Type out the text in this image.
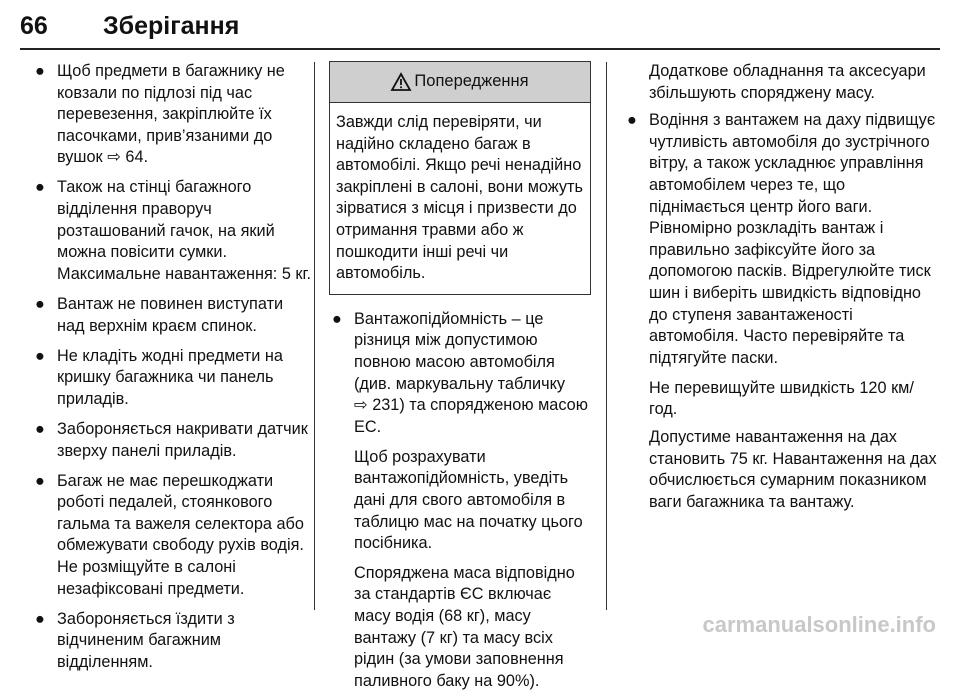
66 Зберігання
● Щоб предмети в багажнику не ковзали по підлозі під час перевезення, закріплюйте їх пасочками, прив’язаними до вушок ⇨ 64.
● Також на стінці багажного відділення праворуч розташований гачок, на який можна повісити сумки. Максимальне навантаження: 5 кг.
● Вантаж не повинен виступати над верхнім краєм спинок.
● Не кладіть жодні предмети на кришку багажника чи панель приладів.
● Забороняється накривати датчик зверху панелі приладів.
● Багаж не має перешкоджати роботі педалей, стоянкового гальма та важеля селектора або обмежувати свободу рухів водія. Не розміщуйте в салоні незафіксовані предмети.
● Забороняється їздити з відчиненим багажним відділенням.
Попередження
Завжди слід перевіряти, чи надійно складено багаж в автомобілі. Якщо речі ненадійно закріплені в салоні, вони можуть зірватися з місця і призвести до отримання травми або ж пошкодити інші речі чи автомобіль.
● Вантажопідйомність – це різниця між допустимою повною масою автомобіля (див. маркувальну табличку
⇨ 231) та спорядженою масою ЕС.
Щоб розрахувати вантажопідйомність, уведіть дані для свого автомобіля в таблицю мас на початку цього посібника.
Споряджена маса відповідно за стандартів ЄС включає масу водія (68 кг), масу вантажу (7 кг) та масу всіх рідин (за умови заповнення паливного баку на 90%).
Додаткове обладнання та аксесуари збільшують споряджену масу.
● Водіння з вантажем на даху підвищує чутливість автомобіля до зустрічного вітру, а також ускладнює управління автомобілем через те, що піднімається центр його ваги. Рівномірно розкладіть вантаж і правильно зафіксуйте його за допомогою пасків. Відрегулюйте тиск шин і виберіть швидкість відповідно до ступеня завантаженості автомобіля. Часто перевіряйте та підтягуйте паски.
Не перевищуйте швидкість 120 км/год.
Допустиме навантаження на дах становить 75 кг. Навантаження на дах обчислюється сумарним показником ваги багажника та вантажу.
carmanualsonline.info
